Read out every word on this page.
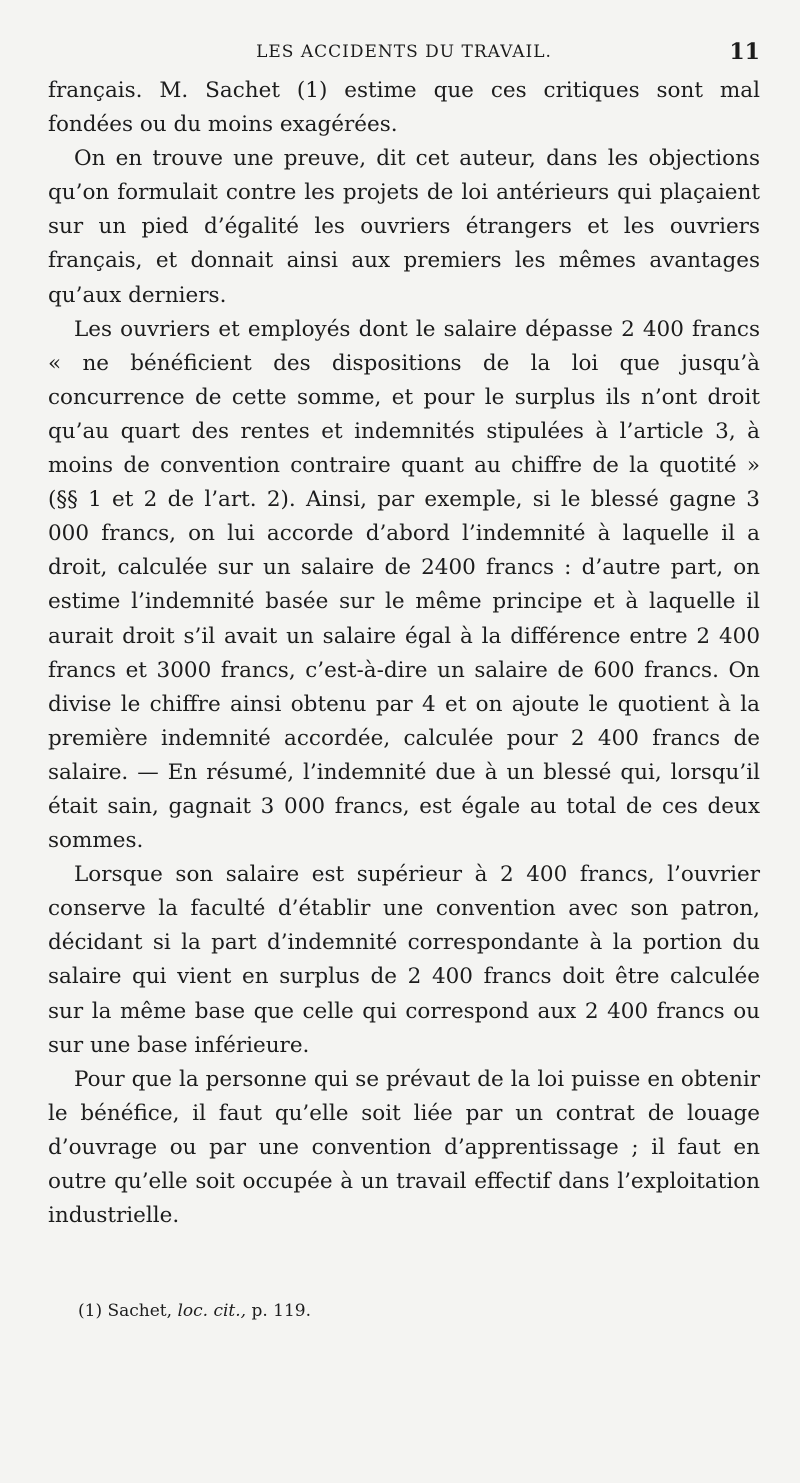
LES ACCIDENTS DU TRAVAIL.	11

français. M. Sachet (1) estime que ces critiques sont mal fondées ou du moins exagérées.

On en trouve une preuve, dit cet auteur, dans les objections qu’on formulait contre les projets de loi antérieurs qui plaçaient sur un pied d’égalité les ouvriers étrangers et les ouvriers français, et donnait ainsi aux premiers les mêmes avantages qu’aux derniers.

Les ouvriers et employés dont le salaire dépasse 2 400 francs « ne bénéficient des dispositions de la loi que jusqu’à concurrence de cette somme, et pour le surplus ils n’ont droit qu’au quart des rentes et indemnités stipulées à l’article 3, à moins de convention contraire quant au chiffre de la quotité » (§§ 1 et 2 de l’art. 2). Ainsi, par exemple, si le blessé gagne 3 000 francs, on lui accorde d’abord l’indemnité à laquelle il a droit, calculée sur un salaire de 2400 francs : d’autre part, on estime l’indemnité basée sur le même principe et à laquelle il aurait droit s’il avait un salaire égal à la différence entre 2 400 francs et 3000 francs, c’est-à-dire un salaire de 600 francs. On divise le chiffre ainsi obtenu par 4 et on ajoute le quotient à la première indemnité accordée, calculée pour 2 400 francs de salaire. — En résumé, l’indemnité due à un blessé qui, lorsqu’il était sain, gagnait 3 000 francs, est égale au total de ces deux sommes.

Lorsque son salaire est supérieur à 2 400 francs, l’ouvrier conserve la faculté d’établir une convention avec son patron, décidant si la part d’indemnité correspondante à la portion du salaire qui vient en surplus de 2 400 francs doit être calculée sur la même base que celle qui correspond aux 2 400 francs ou sur une base inférieure.

Pour que la personne qui se prévaut de la loi puisse en obtenir le bénéfice, il faut qu’elle soit liée par un contrat de louage d’ouvrage ou par une convention d’apprentissage ; il faut en outre qu’elle soit occupée à un travail effectif dans l’exploitation industrielle.

(1) Sachet, loc. cit., p. 119.
